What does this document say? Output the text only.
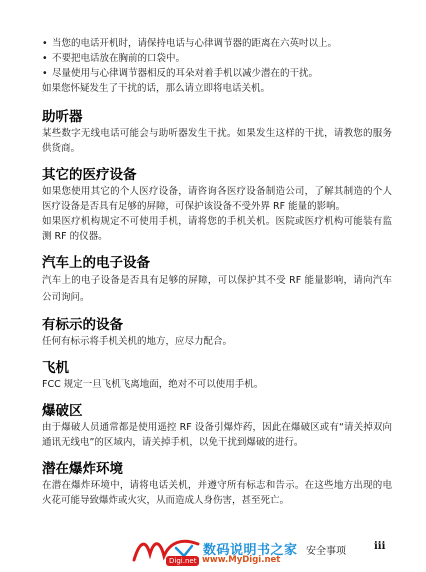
• 当您的电话开机时，请保持电话与心律调节器的距离在六英吋以上。
• 不要把电话放在胸前的口袋中。
• 尽量使用与心律调节器相反的耳朵对着手机以减少潜在的干扰。

如果您怀疑发生了干扰的话，那么请立即将电话关机。

助听器

某些数字无线电话可能会与助听器发生干扰。如果发生这样的干扰，请教您的服务供货商。

其它的医疗设备

如果您使用其它的个人医疗设备，请咨询各医疗设备制造公司，了解其制造的个人医疗设备是否具有足够的屏障，可保护该设备不受外界 RF 能量的影响。

如果医疗机构规定不可使用手机，请将您的手机关机。医院或医疗机构可能装有监测 RF 的仪器。

汽车上的电子设备

汽车上的电子设备是否具有足够的屏障，可以保护其不受 RF 能量影响，请向汽车公司询问。

有标示的设备

任何有标示将手机关机的地方，应尽力配合。

飞机

FCC 规定一旦飞机飞离地面，绝对不可以使用手机。

爆破区

由于爆破人员通常都是使用遥控 RF 设备引爆炸药，因此在爆破区或有“请关掉双向通讯无线电”的区域内，请关掉手机，以免干扰到爆破的进行。

潜在爆炸环境

在潜在爆炸环境中，请将电话关机，并遵守所有标志和告示。在这些地方出现的电火花可能导致爆炸或火灾，从而造成人身伤害，甚至死亡。

Digi.net
数码说明书之家
www.MyDigi.net
安全事项	iii
